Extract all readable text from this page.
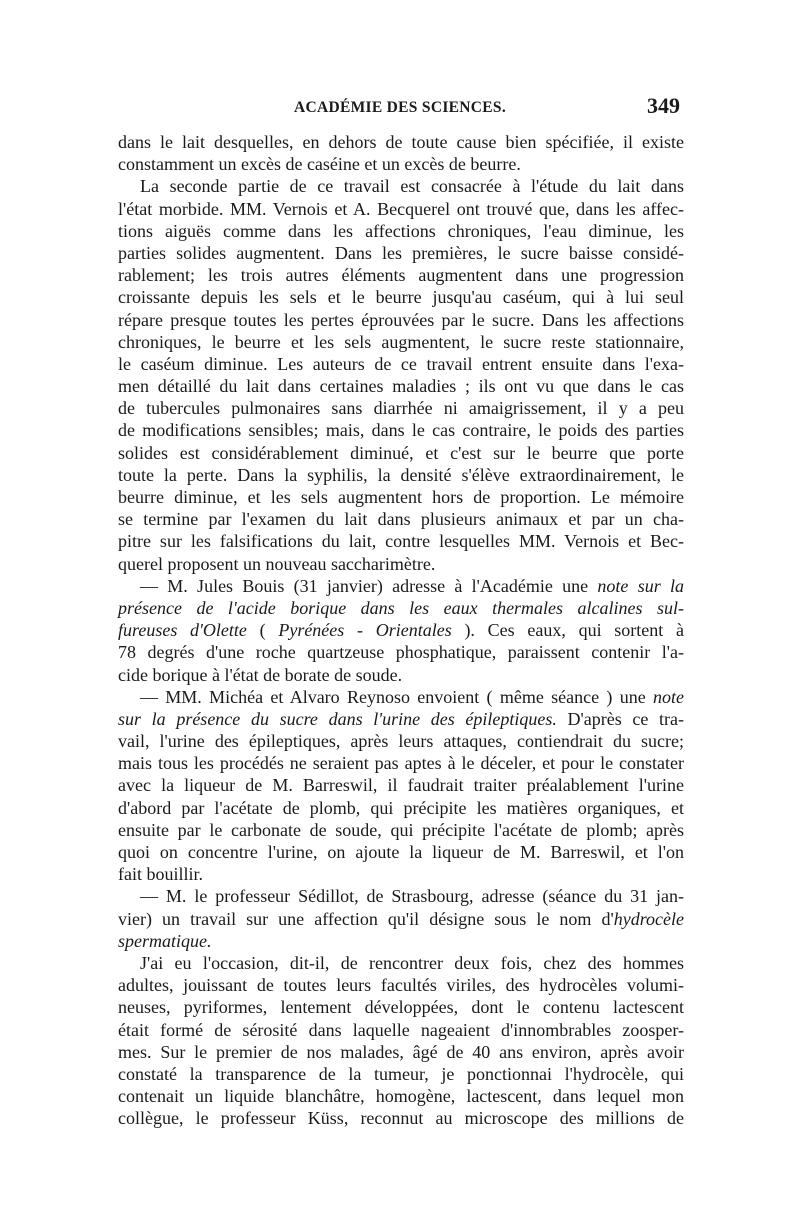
ACADÉMIE DES SCIENCES.	349
dans le lait desquelles, en dehors de toute cause bien spécifiée, il existe
constamment un excès de caséine et un excès de beurre.
La seconde partie de ce travail est consacrée à l'étude du lait dans
l'état morbide. MM. Vernois et A. Becquerel ont trouvé que, dans les affec-
tions aiguës comme dans les affections chroniques, l'eau diminue, les
parties solides augmentent. Dans les premières, le sucre baisse considé-
rablement; les trois autres éléments augmentent dans une progression
croissante depuis les sels et le beurre jusqu'au caséum, qui à lui seul
répare presque toutes les pertes éprouvées par le sucre. Dans les affections
chroniques, le beurre et les sels augmentent, le sucre reste stationnaire,
le caséum diminue. Les auteurs de ce travail entrent ensuite dans l'exa-
men détaillé du lait dans certaines maladies ; ils ont vu que dans le cas
de tubercules pulmonaires sans diarrhée ni amaigrissement, il y a peu
de modifications sensibles; mais, dans le cas contraire, le poids des parties
solides est considérablement diminué, et c'est sur le beurre que porte
toute la perte. Dans la syphilis, la densité s'élève extraordinairement, le
beurre diminue, et les sels augmentent hors de proportion. Le mémoire
se termine par l'examen du lait dans plusieurs animaux et par un cha-
pitre sur les falsifications du lait, contre lesquelles MM. Vernois et Bec-
querel proposent un nouveau saccharimètre.
— M. Jules Bouis (31 janvier) adresse à l'Académie une note sur la
présence de l'acide borique dans les eaux thermales alcalines sul-
fureuses d'Olette ( Pyrénées - Orientales ). Ces eaux, qui sortent à
78 degrés d'une roche quartzeuse phosphatique, paraissent contenir l'a-
cide borique à l'état de borate de soude.
— MM. Michéa et Alvaro Reynoso envoient ( même séance ) une note
sur la présence du sucre dans l'urine des épileptiques. D'après ce tra-
vail, l'urine des épileptiques, après leurs attaques, contiendrait du sucre;
mais tous les procédés ne seraient pas aptes à le déceler, et pour le constater
avec la liqueur de M. Barreswil, il faudrait traiter préalablement l'urine
d'abord par l'acétate de plomb, qui précipite les matières organiques, et
ensuite par le carbonate de soude, qui précipite l'acétate de plomb; après
quoi on concentre l'urine, on ajoute la liqueur de M. Barreswil, et l'on
fait bouillir.
— M. le professeur Sédillot, de Strasbourg, adresse (séance du 31 jan-
vier) un travail sur une affection qu'il désigne sous le nom d'hydrocèle
spermatique.
J'ai eu l'occasion, dit-il, de rencontrer deux fois, chez des hommes
adultes, jouissant de toutes leurs facultés viriles, des hydrocèles volumi-
neuses, pyriformes, lentement développées, dont le contenu lactescent
était formé de sérosité dans laquelle nageaient d'innombrables zoosper-
mes. Sur le premier de nos malades, âgé de 40 ans environ, après avoir
constaté la transparence de la tumeur, je ponctionnai l'hydrocèle, qui
contenait un liquide blanchâtre, homogène, lactescent, dans lequel mon
collègue, le professeur Küss, reconnut au microscope des millions de
